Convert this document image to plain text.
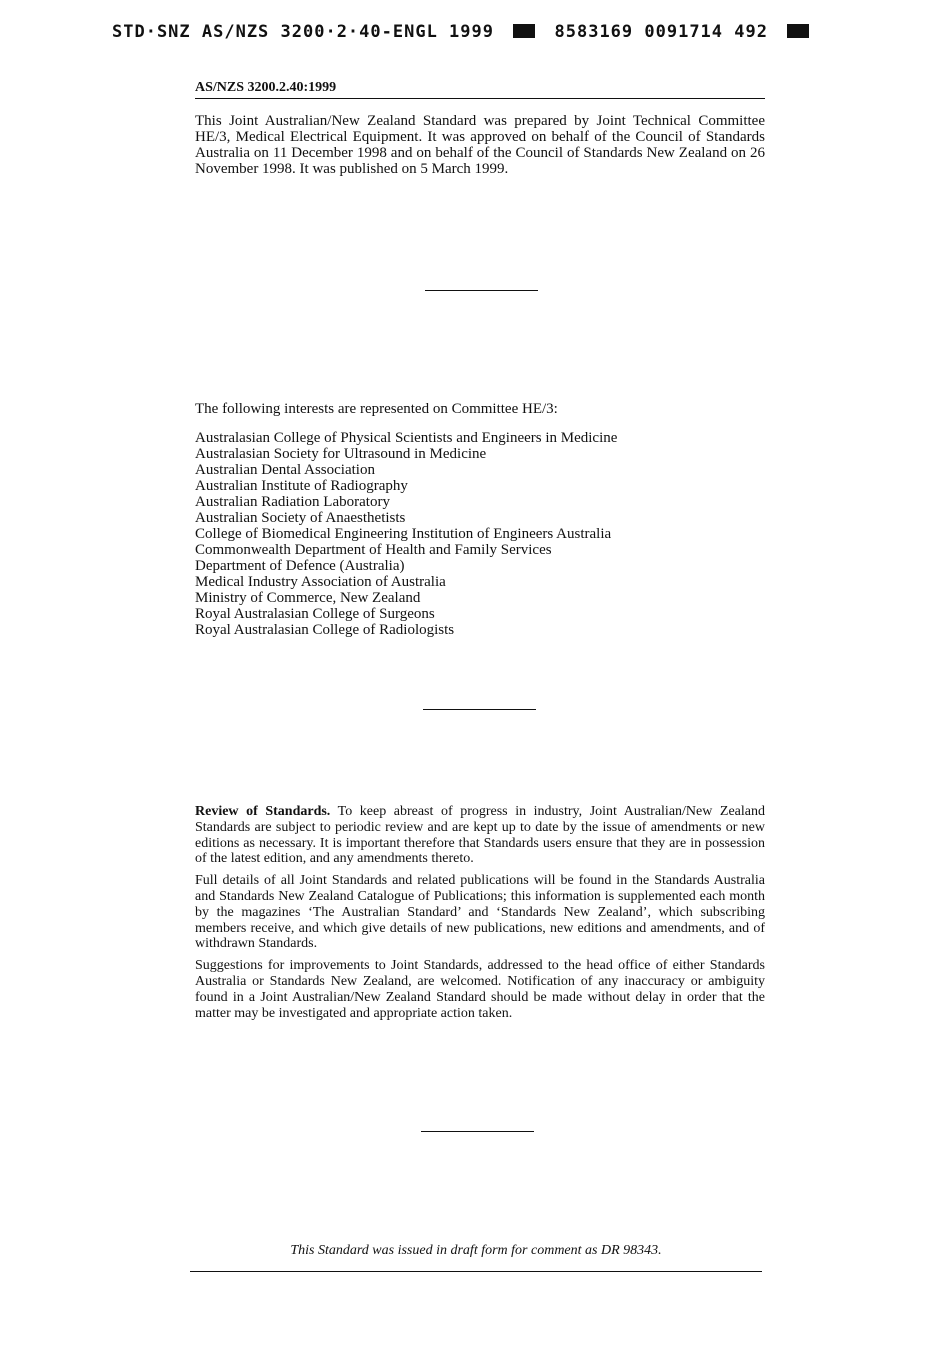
STD·SNZ AS/NZS 3200·2·40-ENGL 1999	8583169 0091714 492
AS/NZS 3200.2.40:1999

This Joint Australian/New Zealand Standard was prepared by Joint Technical Committee HE/3, Medical Electrical Equipment. It was approved on behalf of the Council of Standards Australia on 11 December 1998 and on behalf of the Council of Standards New Zealand on 26 November 1998. It was published on 5 March 1999.

The following interests are represented on Committee HE/3:

Australasian College of Physical Scientists and Engineers in Medicine
Australasian Society for Ultrasound in Medicine
Australian Dental Association
Australian Institute of Radiography
Australian Radiation Laboratory
Australian Society of Anaesthetists
College of Biomedical Engineering Institution of Engineers Australia
Commonwealth Department of Health and Family Services
Department of Defence (Australia)
Medical Industry Association of Australia
Ministry of Commerce, New Zealand
Royal Australasian College of Surgeons
Royal Australasian College of Radiologists

Review of Standards. To keep abreast of progress in industry, Joint Australian/New Zealand Standards are subject to periodic review and are kept up to date by the issue of amendments or new editions as necessary. It is important therefore that Standards users ensure that they are in possession of the latest edition, and any amendments thereto.

Full details of all Joint Standards and related publications will be found in the Standards Australia and Standards New Zealand Catalogue of Publications; this information is supplemented each month by the magazines ‘The Australian Standard’ and ‘Standards New Zealand’, which subscribing members receive, and which give details of new publications, new editions and amendments, and of withdrawn Standards.

Suggestions for improvements to Joint Standards, addressed to the head office of either Standards Australia or Standards New Zealand, are welcomed. Notification of any inaccuracy or ambiguity found in a Joint Australian/New Zealand Standard should be made without delay in order that the matter may be investigated and appropriate action taken.

This Standard was issued in draft form for comment as DR 98343.
